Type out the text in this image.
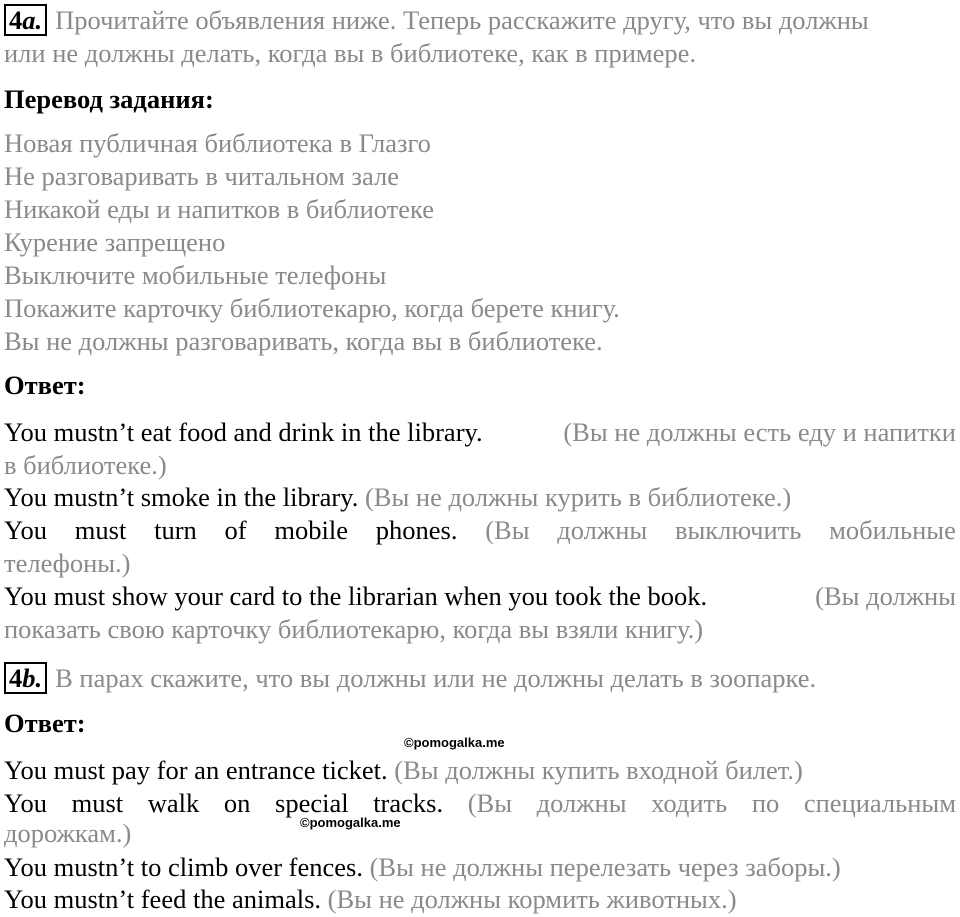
4a. Прочитайте объявления ниже. Теперь расскажите другу, что вы должны
или не должны делать, когда вы в библиотеке, как в примере.
Перевод задания:
Новая публичная библиотека в Глазго
Не разговаривать в читальном зале
Никакой еды и напитков в библиотеке
Курение запрещено
Выключите мобильные телефоны
Покажите карточку библиотекарю, когда берете книгу.
Вы не должны разговаривать, когда вы в библиотеке.
Ответ:
You mustn’t eat food and drink in the library.	(Вы не должны есть еду и напитки
в библиотеке.)
You mustn’t smoke in the library. (Вы не должны курить в библиотеке.)
You must turn of mobile phones. (Вы должны выключить мобильные
телефоны.)
You must show your card to the librarian when you took the book.	(Вы должны
показать свою карточку библиотекарю, когда вы взяли книгу.)
4b. В парах скажите, что вы должны или не должны делать в зоопарке.
Ответ:
©pomogalka.me
You must pay for an entrance ticket. (Вы должны купить входной билет.)
You must walk on special tracks. (Вы должны ходить по специальным
дорожкам.)	©pomogalka.me
You mustn’t to climb over fences. (Вы не должны перелезать через заборы.)
You mustn’t feed the animals. (Вы не должны кормить животных.)
